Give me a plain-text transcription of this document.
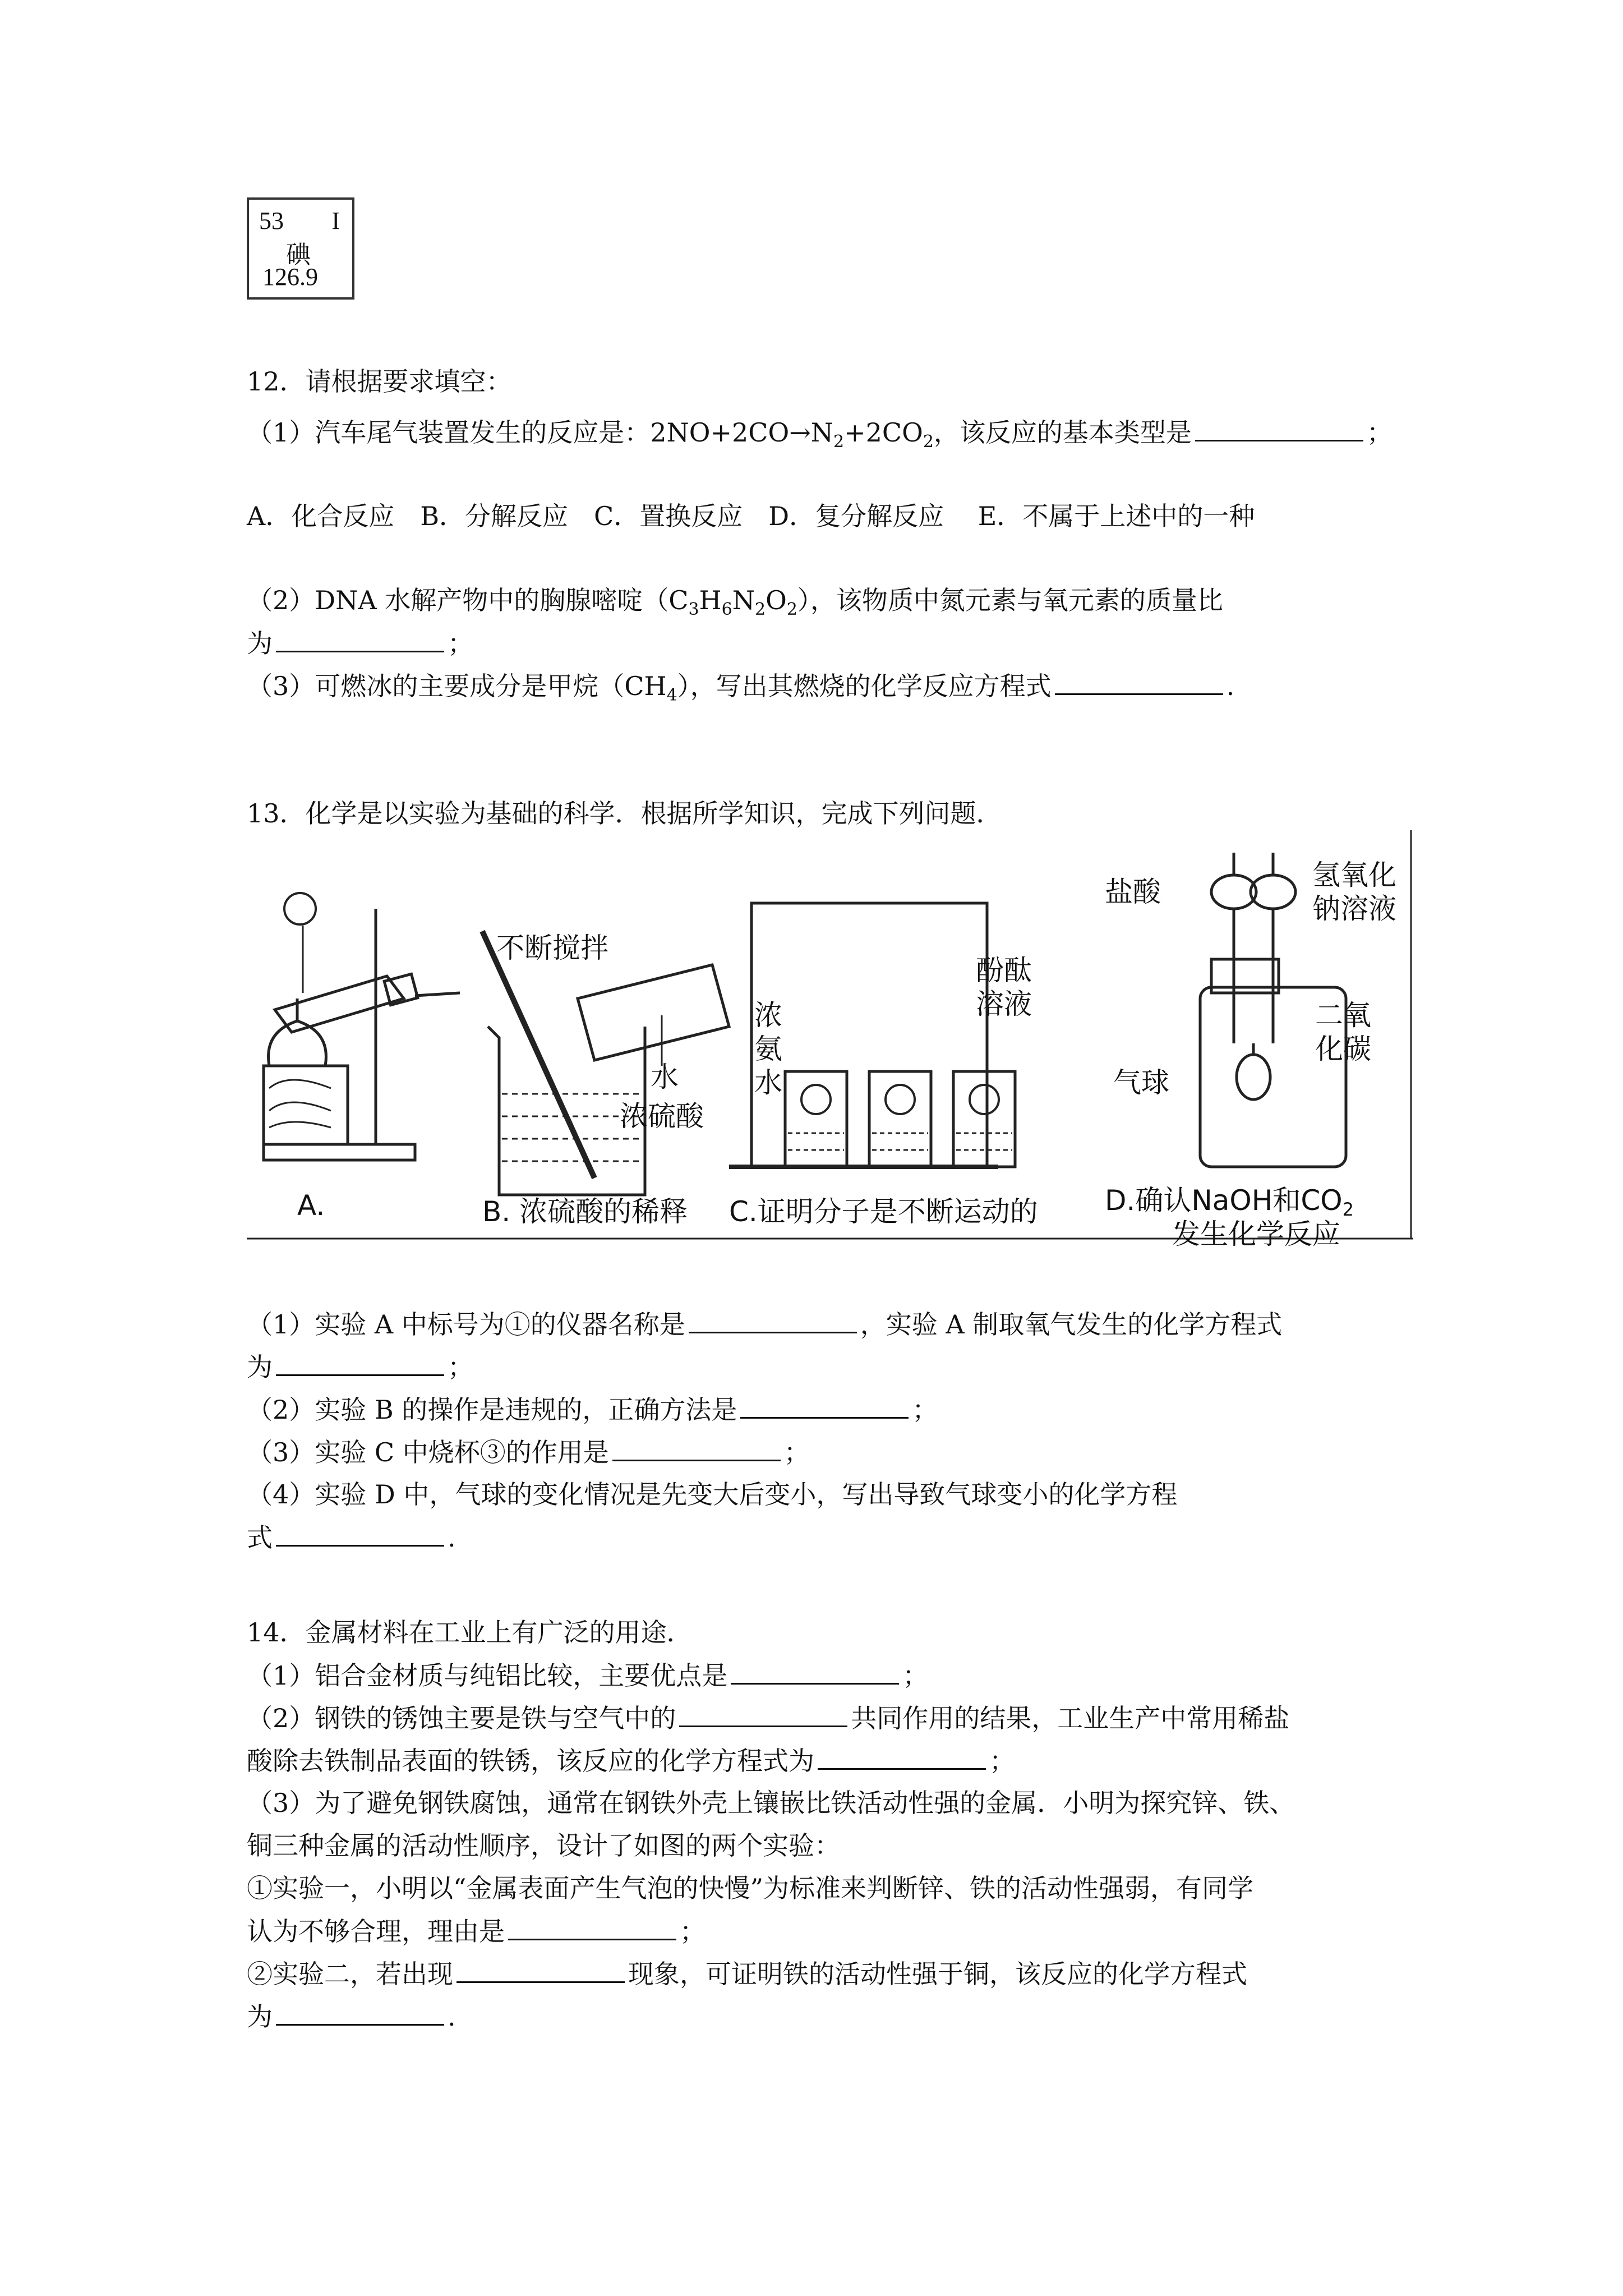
53 I
碘
126.9
12．请根据要求填空：
（1）汽车尾气装置发生的反应是：$2NO+2CO\to N_2+2CO_2$，该反应的基本类型是	；
A．化合反应　B．分解反应　C．置换反应　D．复分解反应　 E．不属于上述中的一种
（2）DNA 水解产物中的胸腺嘧啶$(C_3H_6N_2O_2)$，该物质中氮元素与氧元素的质量比
为	；
（3）可燃冰的主要成分是甲烷$(CH_4)$，写出其燃烧的化学反应方程式	.
13．化学是以实验为基础的科学．根据所学知识，完成下列问题．
A.
不断搅拌
水
浓硫酸
B. 浓硫酸的稀释
浓
氨
水
酚酞
溶液
C.证明分子是不断运动的
盐酸
氢氧化
钠溶液
二氧
化碳
气球
D.确认NaOH和$CO_2$
发生化学反应
（1）实验 A 中标号为①的仪器名称是	，实验 A 制取氧气发生的化学方程式
为	；
（2）实验 B 的操作是违规的，正确方法是	；
（3）实验 C 中烧杯③的作用是	；
（4）实验 D 中，气球的变化情况是先变大后变小，写出导致气球变小的化学方程
式	.
14．金属材料在工业上有广泛的用途．
（1）铝合金材质与纯铝比较，主要优点是	；
（2）钢铁的锈蚀主要是铁与空气中的	共同作用的结果，工业生产中常用稀盐
酸除去铁制品表面的铁锈，该反应的化学方程式为	；
（3）为了避免钢铁腐蚀，通常在钢铁外壳上镶嵌比铁活动性强的金属．小明为探究锌、铁、
铜三种金属的活动性顺序，设计了如图的两个实验：
①实验一，小明以“金属表面产生气泡的快慢”为标准来判断锌、铁的活动性强弱，有同学
认为不够合理，理由是	；
②实验二，若出现	现象，可证明铁的活动性强于铜，该反应的化学方程式
为	.
